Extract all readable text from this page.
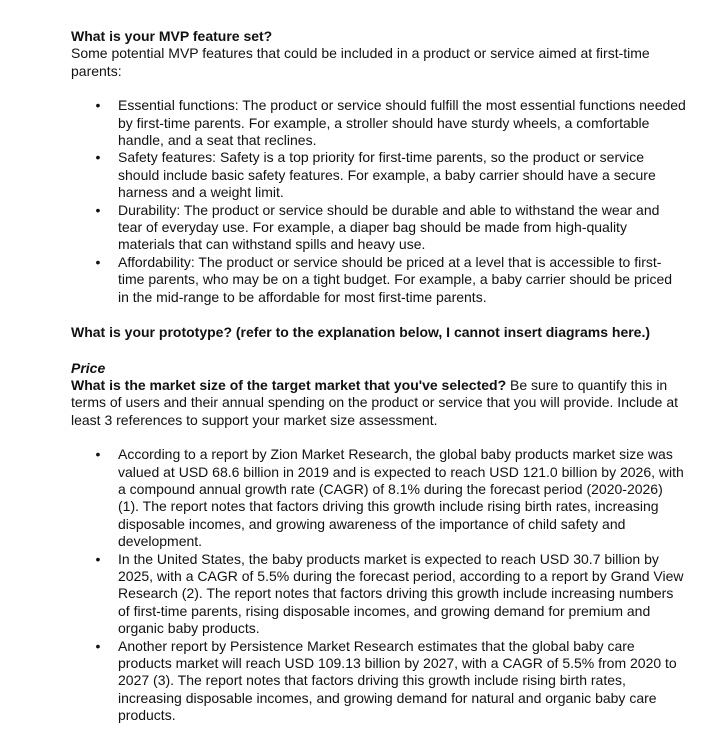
What is your MVP feature set?
Some potential MVP features that could be included in a product or service aimed at first-time parents:
• Essential functions: The product or service should fulfill the most essential functions needed by first-time parents. For example, a stroller should have sturdy wheels, a comfortable handle, and a seat that reclines.
• Safety features: Safety is a top priority for first-time parents, so the product or service should include basic safety features. For example, a baby carrier should have a secure harness and a weight limit.
• Durability: The product or service should be durable and able to withstand the wear and tear of everyday use. For example, a diaper bag should be made from high-quality materials that can withstand spills and heavy use.
• Affordability: The product or service should be priced at a level that is accessible to first-time parents, who may be on a tight budget. For example, a baby carrier should be priced in the mid-range to be affordable for most first-time parents.
What is your prototype? (refer to the explanation below, I cannot insert diagrams here.)
Price
What is the market size of the target market that you've selected? Be sure to quantify this in terms of users and their annual spending on the product or service that you will provide. Include at least 3 references to support your market size assessment.
• According to a report by Zion Market Research, the global baby products market size was valued at USD 68.6 billion in 2019 and is expected to reach USD 121.0 billion by 2026, with a compound annual growth rate (CAGR) of 8.1% during the forecast period (2020-2026) (1). The report notes that factors driving this growth include rising birth rates, increasing disposable incomes, and growing awareness of the importance of child safety and development.
• In the United States, the baby products market is expected to reach USD 30.7 billion by 2025, with a CAGR of 5.5% during the forecast period, according to a report by Grand View Research (2). The report notes that factors driving this growth include increasing numbers of first-time parents, rising disposable incomes, and growing demand for premium and organic baby products.
• Another report by Persistence Market Research estimates that the global baby care products market will reach USD 109.13 billion by 2027, with a CAGR of 5.5% from 2020 to 2027 (3). The report notes that factors driving this growth include rising birth rates, increasing disposable incomes, and growing demand for natural and organic baby care products.
